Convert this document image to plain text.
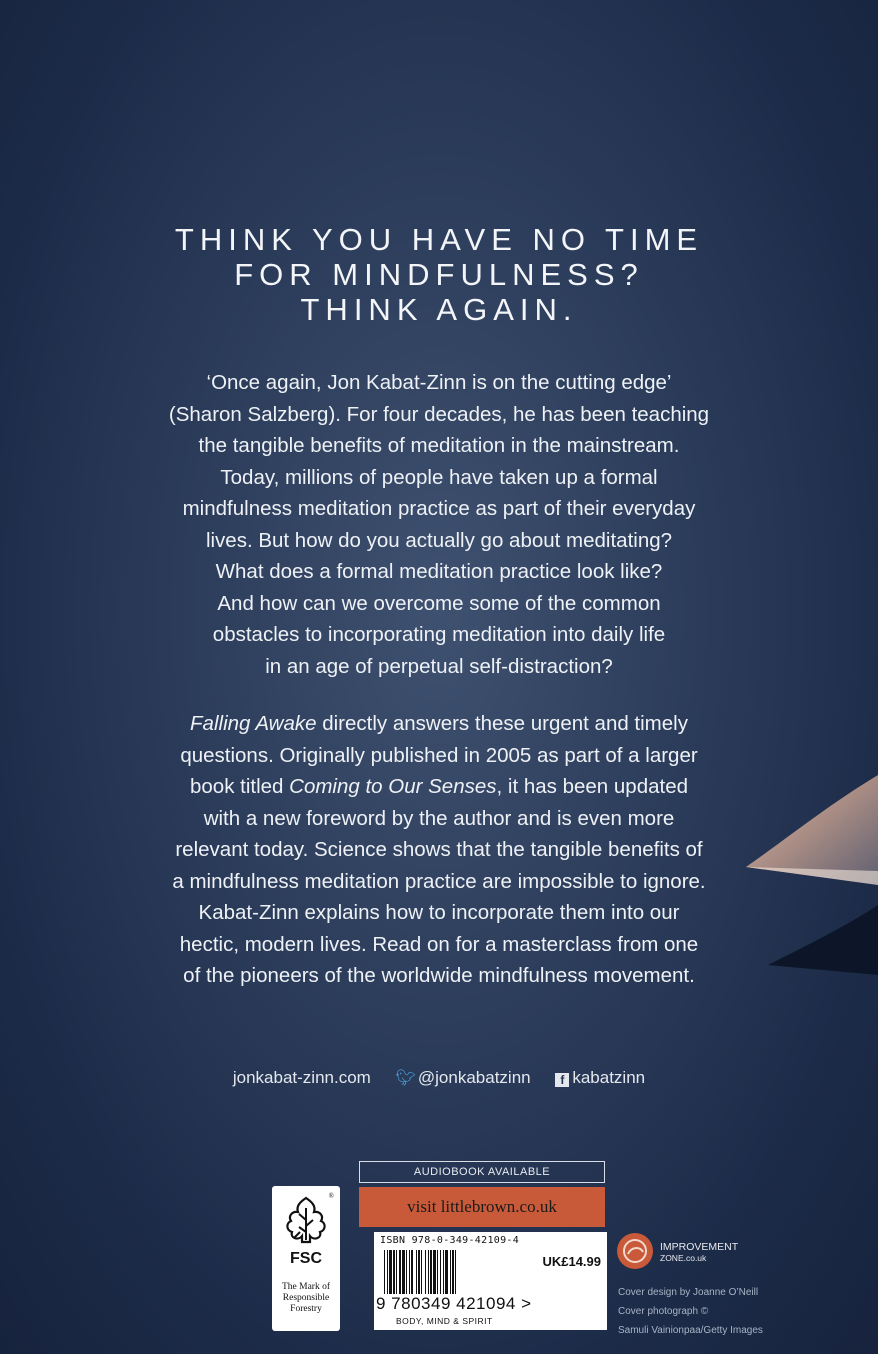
THINK YOU HAVE NO TIME
FOR MINDFULNESS?
THINK AGAIN.
‘Once again, Jon Kabat-Zinn is on the cutting edge’
(Sharon Salzberg). For four decades, he has been teaching
the tangible benefits of meditation in the mainstream.
Today, millions of people have taken up a formal
mindfulness meditation practice as part of their everyday
lives. But how do you actually go about meditating?
What does a formal meditation practice look like?
And how can we overcome some of the common
obstacles to incorporating meditation into daily life
in an age of perpetual self-distraction?
Falling Awake directly answers these urgent and timely
questions. Originally published in 2005 as part of a larger
book titled Coming to Our Senses, it has been updated
with a new foreword by the author and is even more
relevant today. Science shows that the tangible benefits of
a mindfulness meditation practice are impossible to ignore.
Kabat-Zinn explains how to incorporate them into our
hectic, modern lives. Read on for a masterclass from one
of the pioneers of the worldwide mindfulness movement.
jonkabat-zinn.com 🐦︎ @jonkabatzinn f kabatzinn
®
FSC
The Mark of
Responsible
Forestry
AUDIOBOOK AVAILABLE
visit littlebrown.co.uk
ISBN 978-0-349-42109-4
UK£14.99
9 780349 421094 >
BODY, MIND & SPIRIT
IMPROVEMENT
ZONE.co.uk
Cover design by Joanne O’Neill
Cover photograph ©
Samuli Vainionpaa/Getty Images
